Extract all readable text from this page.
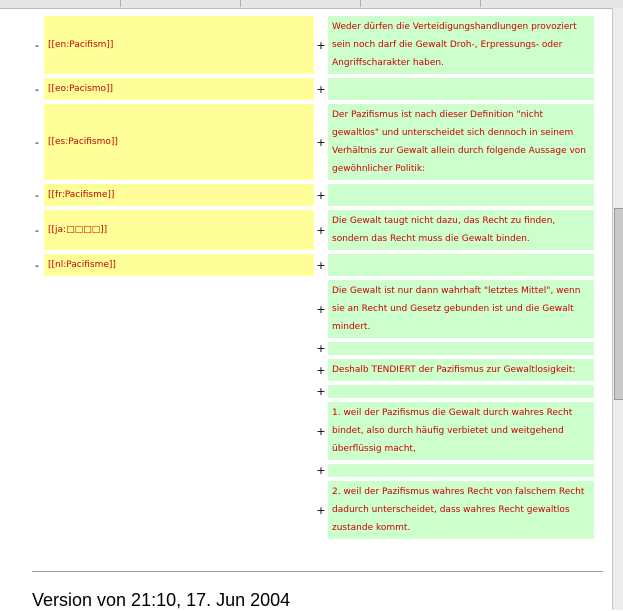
-	[[en:Pacifism]]	+	Weder dürfen die Verteidigungshandlungen provoziert sein noch darf die Gewalt Droh-, Erpressungs- oder Angriffscharakter haben.
-	[[eo:Pacismo]]	+	
-	[[es:Pacifismo]]	+	Der Pazifismus ist nach dieser Definition "nicht gewaltlos" und unterscheidet sich dennoch in seinem Verhältnis zur Gewalt allein durch folgende Aussage von gewöhnlicher Politik:
-	[[fr:Pacifisme]]	+	
-	[[ja:□□□□]]	+	Die Gewalt taugt nicht dazu, das Recht zu finden, sondern das Recht muss die Gewalt binden.
-	[[nl:Pacifisme]]	+	
		+	Die Gewalt ist nur dann wahrhaft "letztes Mittel", wenn sie an Recht und Gesetz gebunden ist und die Gewalt mindert.
		+	
		+	Deshalb TENDIERT der Pazifismus zur Gewaltlosigkeit:
		+	
		+	1. weil der Pazifismus die Gewalt durch wahres Recht bindet, also durch häufig verbietet und weitgehend überflüssig macht,
		+	
		+	2. weil der Pazifismus wahres Recht von falschem Recht dadurch unterscheidet, dass wahres Recht gewaltlos zustande kommt.
Version von 21:10, 17. Jun 2004
